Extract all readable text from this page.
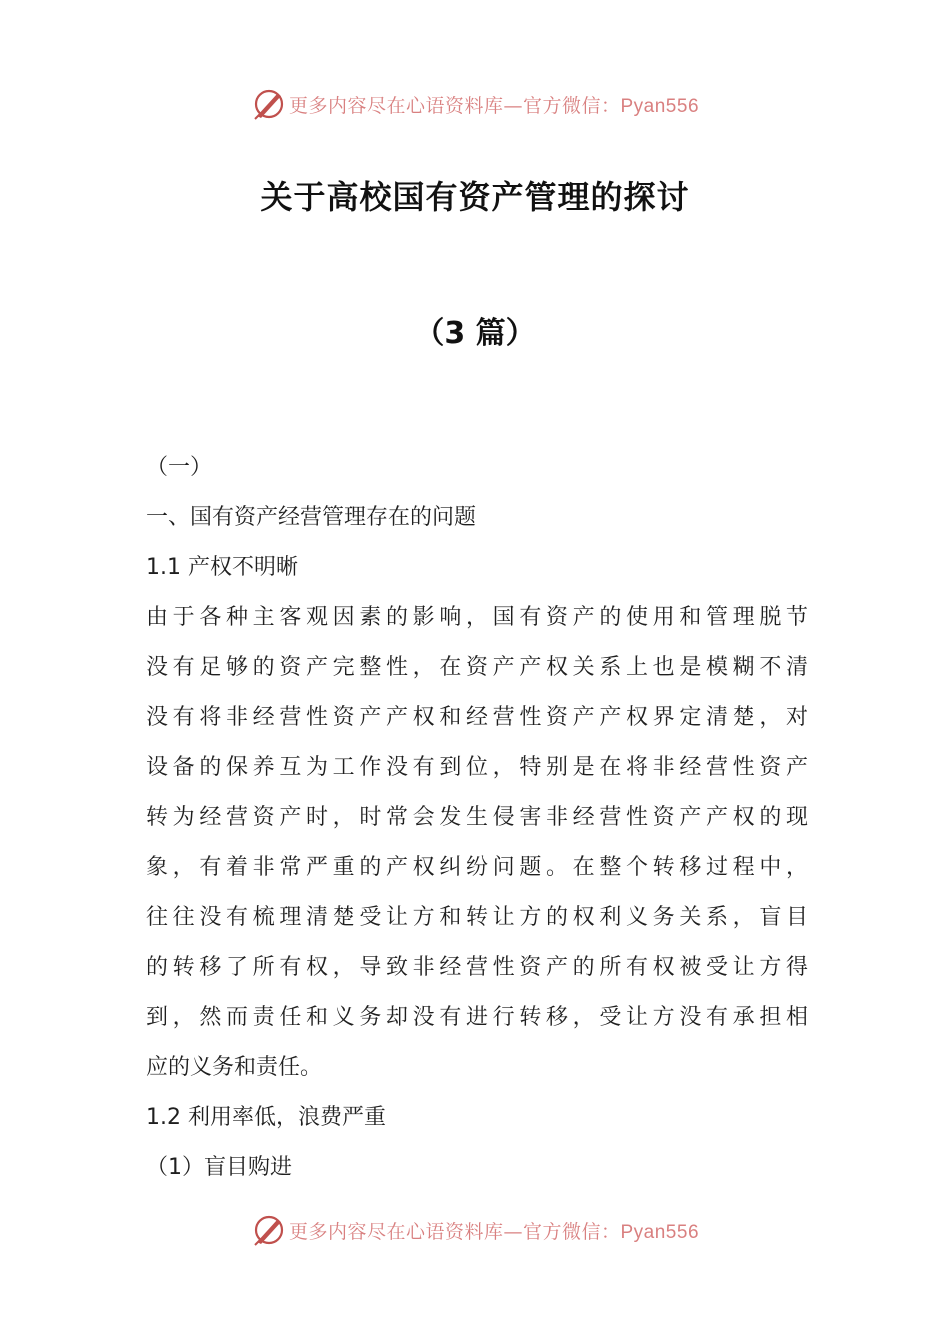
更多内容尽在心语资料库—官方微信：Pyan556
关于高校国有资产管理的探讨
（3 篇）
（一）
一、国有资产经营管理存在的问题
1.1 产权不明晰
由于各种主客观因素的影响，国有资产的使用和管理脱节
没有足够的资产完整性，在资产产权关系上也是模糊不清
没有将非经营性资产产权和经营性资产产权界定清楚，对
设备的保养互为工作没有到位，特别是在将非经营性资产
转为经营资产时，时常会发生侵害非经营性资产产权的现
象，有着非常严重的产权纠纷问题。在整个转移过程中，
往往没有梳理清楚受让方和转让方的权利义务关系，盲目
的转移了所有权，导致非经营性资产的所有权被受让方得
到，然而责任和义务却没有进行转移，受让方没有承担相
应的义务和责任。
1.2 利用率低，浪费严重
（1）盲目购进
更多内容尽在心语资料库—官方微信：Pyan556
